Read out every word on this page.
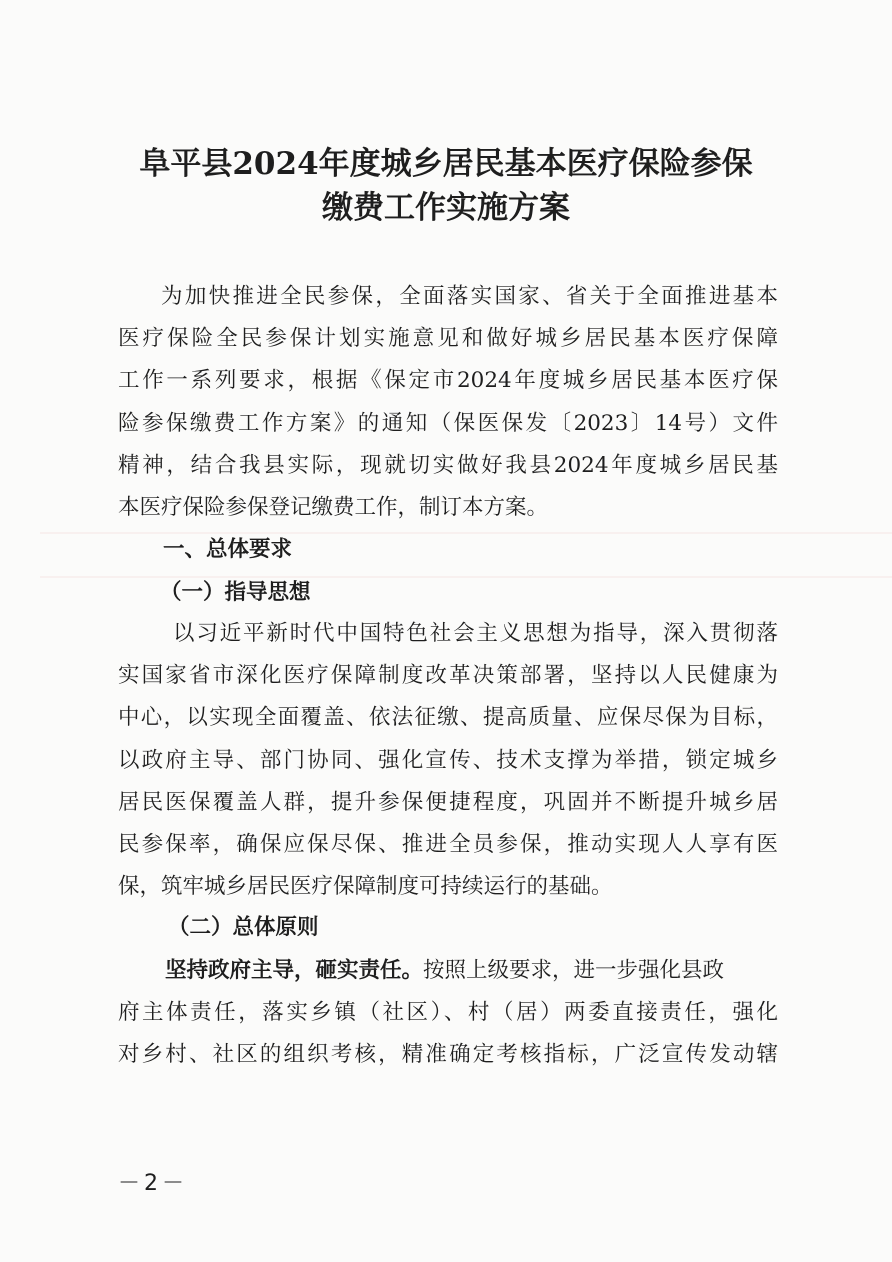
阜平县2024年度城乡居民基本医疗保险参保
缴费工作实施方案
为加快推进全民参保，全面落实国家、省关于全面推进基本
医疗保险全民参保计划实施意见和做好城乡居民基本医疗保障
工作一系列要求，根据《保定市2024年度城乡居民基本医疗保
险参保缴费工作方案》的通知（保医保发〔2023〕14号）文件
精神，结合我县实际，现就切实做好我县2024年度城乡居民基
本医疗保险参保登记缴费工作，制订本方案。
一、总体要求
（一）指导思想
以习近平新时代中国特色社会主义思想为指导，深入贯彻落
实国家省市深化医疗保障制度改革决策部署，坚持以人民健康为
中心，以实现全面覆盖、依法征缴、提高质量、应保尽保为目标，
以政府主导、部门协同、强化宣传、技术支撑为举措，锁定城乡
居民医保覆盖人群，提升参保便捷程度，巩固并不断提升城乡居
民参保率，确保应保尽保、推进全员参保，推动实现人人享有医
保，筑牢城乡居民医疗保障制度可持续运行的基础。
（二）总体原则
坚持政府主导，砸实责任。按照上级要求，进一步强化县政
府主体责任，落实乡镇（社区）、村（居）两委直接责任，强化
对乡村、社区的组织考核，精准确定考核指标，广泛宣传发动辖
－2－
